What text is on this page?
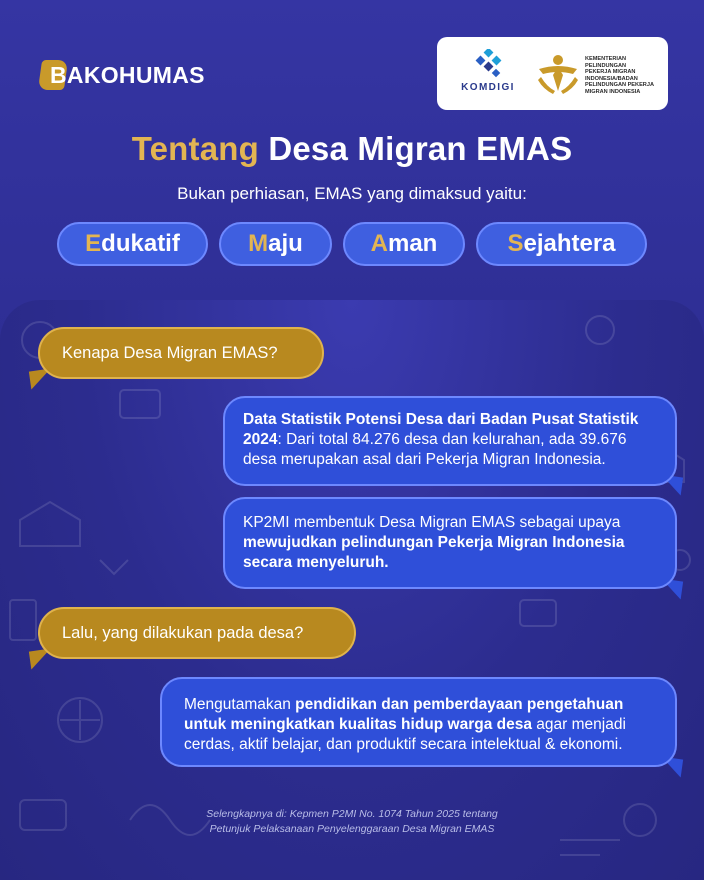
BAKOHUMAS	KOMDIGI
KEMENTERIAN
PELINDUNGAN
PEKERJA MIGRAN
INDONESIA/BADAN
PELINDUNGAN PEKERJA
MIGRAN INDONESIA
Tentang Desa Migran EMAS
Bukan perhiasan, EMAS yang dimaksud yaitu:
Edukatif	Maju	Aman	Sejahtera
Kenapa Desa Migran EMAS?
Data Statistik Potensi Desa dari Badan Pusat Statistik 2024: Dari total 84.276 desa dan kelurahan, ada 39.676 desa merupakan asal dari Pekerja Migran Indonesia.
KP2MI membentuk Desa Migran EMAS sebagai upaya mewujudkan pelindungan Pekerja Migran Indonesia secara menyeluruh.
Lalu, yang dilakukan pada desa?
Mengutamakan pendidikan dan pemberdayaan pengetahuan untuk meningkatkan kualitas hidup warga desa agar menjadi cerdas, aktif belajar, dan produktif secara intelektual & ekonomi.
Selengkapnya di: Kepmen P2MI No. 1074 Tahun 2025 tentang
Petunjuk Pelaksanaan Penyelenggaraan Desa Migran EMAS
